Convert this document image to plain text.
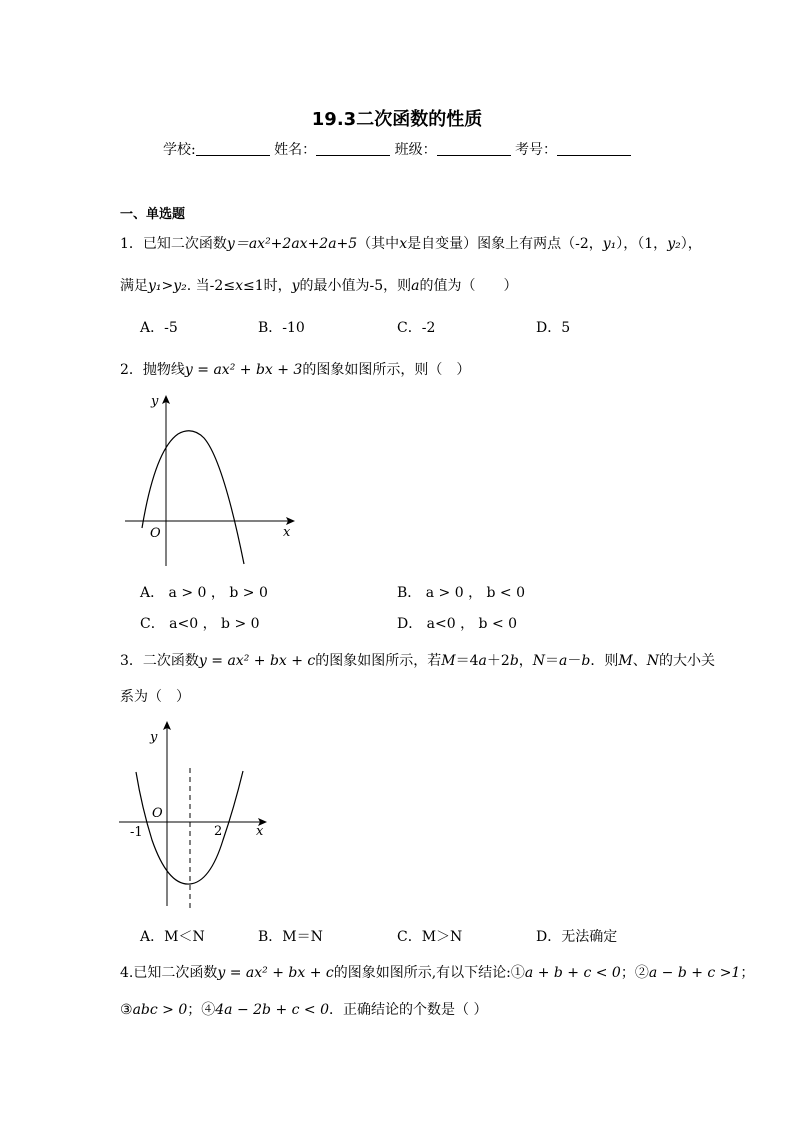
19.3二次函数的性质
学校:	姓名：	班级：	考号：
一、单选题
1．已知二次函数y＝ax²+2ax+2a+5（其中x是自变量）图象上有两点（-2，y₁），（1，y₂），
满足y₁>y₂. 当-2≤x≤1时，y的最小值为-5，则a的值为（　　）
A．-5	B．-10	C．-2	D．5
2．抛物线y = ax² + bx + 3的图象如图所示，则（　）
y
x
O
A． a > 0 ， b > 0	B． a > 0 ， b < 0
C． a<0 ， b > 0	D． a<0 ， b < 0
3．二次函数y = ax² + bx + c的图象如图所示，若M＝4a＋2b，N＝a－b．则M、N的大小关
系为（　）
y
x
O
-1	2
A．M＜N	B．M＝N	C．M＞N	D．无法确定
4.已知二次函数y = ax² + bx + c的图象如图所示,有以下结论:①a + b + c < 0；②a − b + c >1；
③abc > 0；④4a − 2b + c < 0．正确结论的个数是（ ）
